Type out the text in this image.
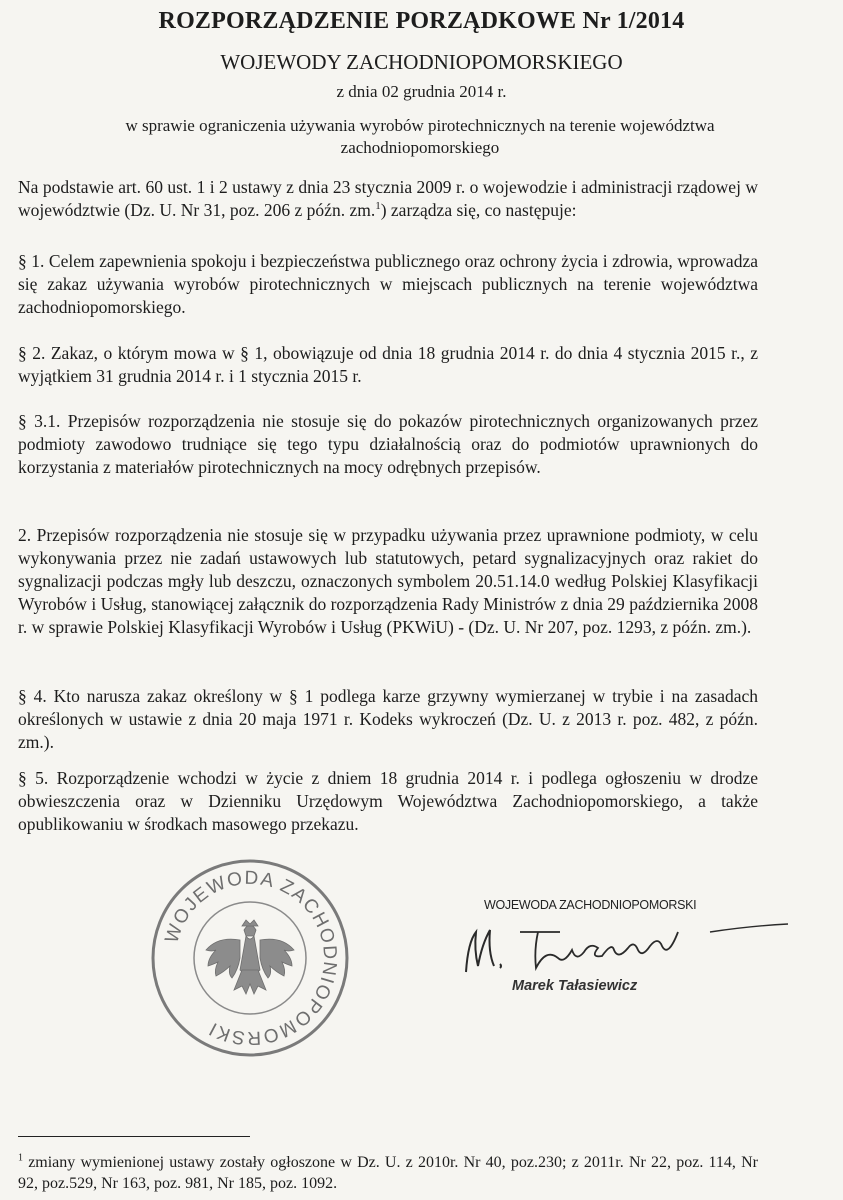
ROZPORZĄDZENIE PORZĄDKOWE Nr 1/2014
WOJEWODY ZACHODNIOPOMORSKIEGO
z dnia 02 grudnia 2014 r.
w sprawie ograniczenia używania wyrobów pirotechnicznych na terenie województwa zachodniopomorskiego
Na podstawie art. 60 ust. 1 i 2 ustawy z dnia 23 stycznia 2009 r. o wojewodzie i administracji rządowej w województwie (Dz. U. Nr 31, poz. 206 z późn. zm.$^1$) zarządza się, co następuje:
§ 1. Celem zapewnienia spokoju i bezpieczeństwa publicznego oraz ochrony życia i zdrowia, wprowadza się zakaz używania wyrobów pirotechnicznych w miejscach publicznych na terenie województwa zachodniopomorskiego.
§ 2. Zakaz, o którym mowa w § 1, obowiązuje od dnia 18 grudnia 2014 r. do dnia 4 stycznia 2015 r., z wyjątkiem 31 grudnia 2014 r. i 1 stycznia 2015 r.
§ 3.1. Przepisów rozporządzenia nie stosuje się do pokazów pirotechnicznych organizowanych przez podmioty zawodowo trudniące się tego typu działalnością oraz do podmiotów uprawnionych do korzystania z materiałów pirotechnicznych na mocy odrębnych przepisów.
2. Przepisów rozporządzenia nie stosuje się w przypadku używania przez uprawnione podmioty, w celu wykonywania przez nie zadań ustawowych lub statutowych, petard sygnalizacyjnych oraz rakiet do sygnalizacji podczas mgły lub deszczu, oznaczonych symbolem 20.51.14.0 według Polskiej Klasyfikacji Wyrobów i Usług, stanowiącej załącznik do rozporządzenia Rady Ministrów z dnia 29 października 2008 r. w sprawie Polskiej Klasyfikacji Wyrobów i Usług (PKWiU) - (Dz. U. Nr 207, poz. 1293, z późn. zm.).
§ 4. Kto narusza zakaz określony w § 1 podlega karze grzywny wymierzanej w trybie i na zasadach określonych w ustawie z dnia 20 maja 1971 r. Kodeks wykroczeń (Dz. U. z 2013 r. poz. 482, z późn. zm.).
§ 5. Rozporządzenie wchodzi w życie z dniem 18 grudnia 2014 r. i podlega ogłoszeniu w drodze obwieszczenia oraz w Dzienniku Urzędowym Województwa Zachodniopomorskiego, a także opublikowaniu w środkach masowego przekazu.
WOJEWODA ZACHODNIOPOMORSKI
WOJEWODA ZACHODNIOPOMORSKI
Marek Tałasiewicz
$^1$ zmiany wymienionej ustawy zostały ogłoszone w Dz. U. z 2010r. Nr 40, poz.230; z 2011r. Nr 22, poz. 114, Nr 92, poz.529, Nr 163, poz. 981, Nr 185, poz. 1092.
